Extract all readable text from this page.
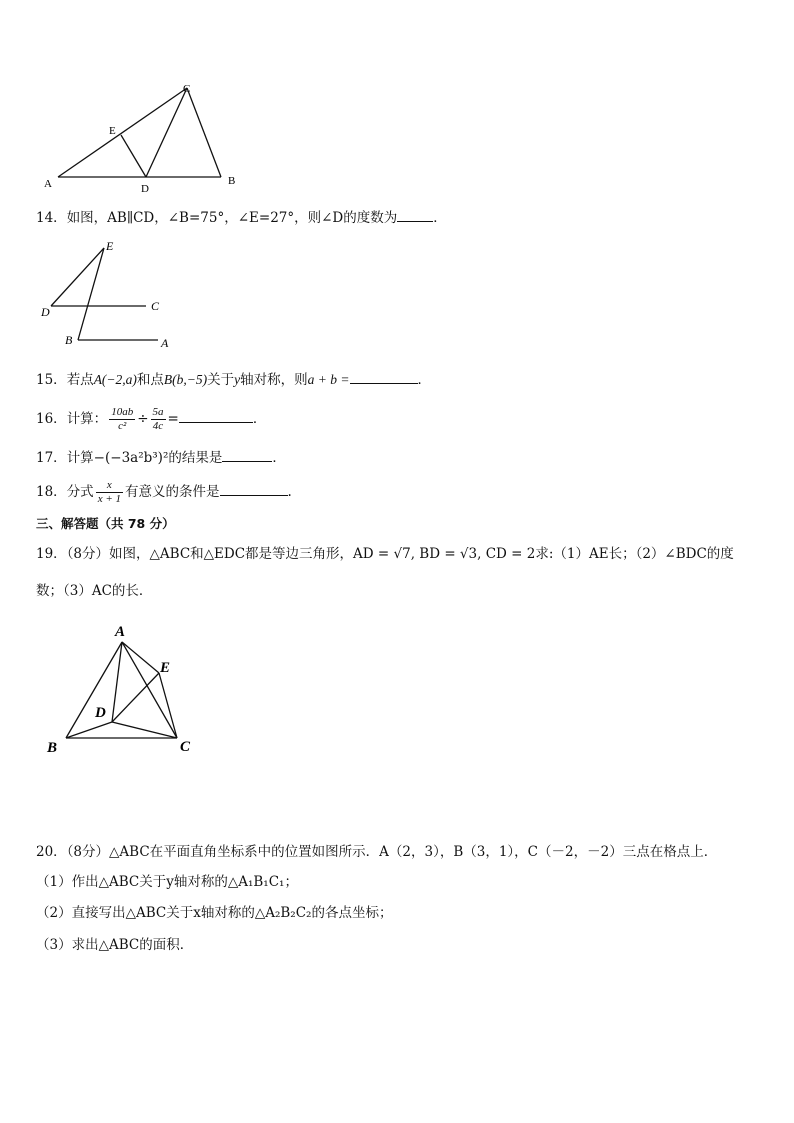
A	B
C
D
E
14．如图，AB∥CD，∠B=75°，∠E=27°，则∠D的度数为	．
E
C
D
B	A
15．若点A(−2,a)和点B(b,−5)关于y轴对称，则a + b =	．
16．计算： $\frac{10ab}{\text{c²}} \div \frac{5a}{4c}$ =	．
17．计算−(−3a²b³)²的结果是	．
18．分式 $\frac{x}{x + 1}$ 有意义的条件是	.
三、解答题（共 78 分）
19．（8分）如图，△ABC和△EDC都是等边三角形，AD = √7, BD = √3, CD = 2求:（1）AE长；（2）∠BDC的度
数；（3）AC的长．
A
E
D
B	C
20．（8分）△ABC在平面直角坐标系中的位置如图所示．A（2，3），B（3，1），C（－2，－2）三点在格点上．
（1）作出△ABC关于y轴对称的△A₁B₁C₁；
（2）直接写出△ABC关于x轴对称的△A₂B₂C₂的各点坐标；
（3）求出△ABC的面积．
